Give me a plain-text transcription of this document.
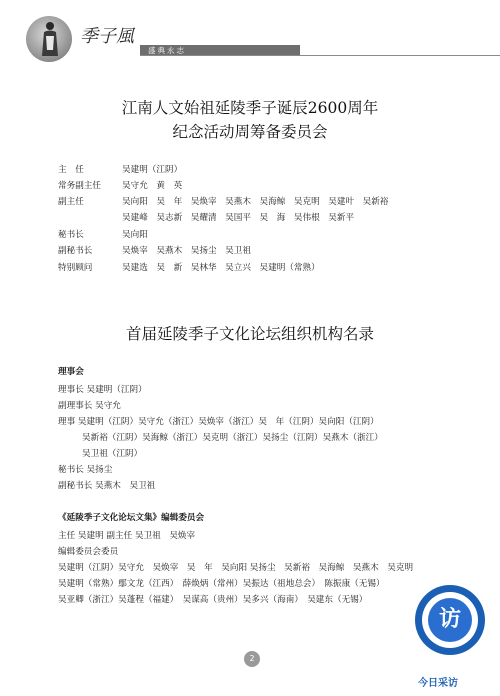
季子風
盛典永志
江南人文始祖延陵季子诞辰2600周年
纪念活动周筹备委员会
主　任	吴建明（江阴）
常务副主任 吴守允　黄　英
副主任	吴向阳　吴　年　吴焕宰　吴燕木　吴海鲸　吴克明　吴建叶　吴新裕
吴建峰　吴志新　吴耀清　吴国平　吴　海　吴伟根　吴新平
秘书长	吴向阳
副秘书长	吴焕宰　吴燕木　吴扬尘　吴卫祖
特别顾问	吴建选　吴　新　吴林华　吴立兴　吴建明（常熟）
首届延陵季子文化论坛组织机构名录
理事会
理事长 吴建明（江阴）
副理事长 吴守允
理事 吴建明（江阴）吴守允（浙江）吴焕宰（浙江）吴　年（江阴）吴向阳（江阴）
吴新裕（江阴）吴海鲸（浙江）吴克明（浙江）吴扬尘（江阴）吴燕木（浙江）
吴卫祖（江阴）
秘书长 吴扬尘
副秘书长 吴燕木　吴卫祖
《延陵季子文化论坛文集》编辑委员会
主任 吴建明 副主任 吴卫祖　吴焕宰
编辑委员会委员
吴建明（江阴）吴守允　吴焕宰　吴　年　吴向阳 吴扬尘　吴新裕　吴海鲸　吴燕木　吴克明
吴建明（常熟）鄢文龙（江西）　薛焕炳（常州）吴振达（祖地总会）　陈振康（无锡）
吴亚卿（浙江）吴蓬程（福建）　吴谋高（贵州）吴多兴（海南）　吴建东（无锡）
2
访
今日采访
